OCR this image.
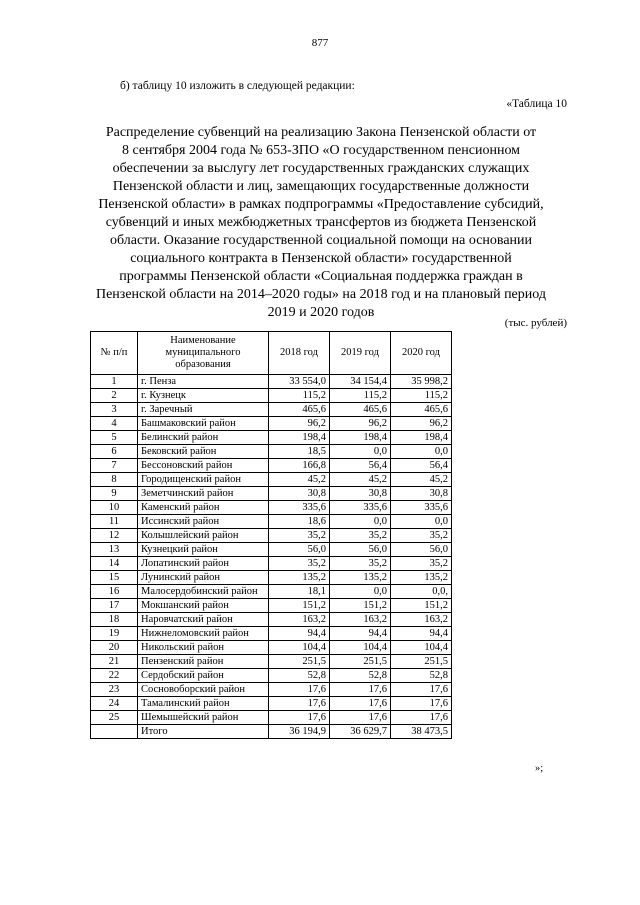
877
б) таблицу 10 изложить в следующей редакции:
«Таблица 10
Распределение субвенций на реализацию Закона Пензенской области от
8 сентября 2004 года № 653-ЗПО «О государственном пенсионном
обеспечении за выслугу лет государственных гражданских служащих
Пензенской области и лиц, замещающих государственные должности
Пензенской области» в рамках подпрограммы «Предоставление субсидий,
субвенций и иных межбюджетных трансфертов из бюджета Пензенской
области. Оказание государственной социальной помощи на основании
социального контракта в Пензенской области» государственной
программы Пензенской области «Социальная поддержка граждан в
Пензенской области на 2014–2020 годы» на 2018 год и на плановый период
2019 и 2020 годов
(тыс. рублей)
№ п/п	Наименование муниципального образования	2018 год	2019 год	2020 год
1	г. Пенза	33 554,0	34 154,4	35 998,2
2	г. Кузнецк	115,2	115,2	115,2
3	г. Заречный	465,6	465,6	465,6
4	Башмаковский район	96,2	96,2	96,2
5	Белинский район	198,4	198,4	198,4
6	Бековский район	18,5	0,0	0,0
7	Бессоновский район	166,8	56,4	56,4
8	Городищенский район	45,2	45,2	45,2
9	Земетчинский район	30,8	30,8	30,8
10	Каменский район	335,6	335,6	335,6
11	Иссинский район	18,6	0,0	0,0
12	Колышлейский район	35,2	35,2	35,2
13	Кузнецкий район	56,0	56,0	56,0
14	Лопатинский район	35,2	35,2	35,2
15	Лунинский район	135,2	135,2	135,2
16	Малосердобинский район	18,1	0,0	0,0,
17	Мокшанский район	151,2	151,2	151,2
18	Наровчатский район	163,2	163,2	163,2
19	Нижнеломовский район	94,4	94,4	94,4
20	Никольский район	104,4	104,4	104,4
21	Пензенский район	251,5	251,5	251,5
22	Сердобский район	52,8	52,8	52,8
23	Сосновоборский район	17,6	17,6	17,6
24	Тамалинский район	17,6	17,6	17,6
25	Шемышейский район	17,6	17,6	17,6
	Итого	36 194,9	36 629,7	38 473,5
»;
